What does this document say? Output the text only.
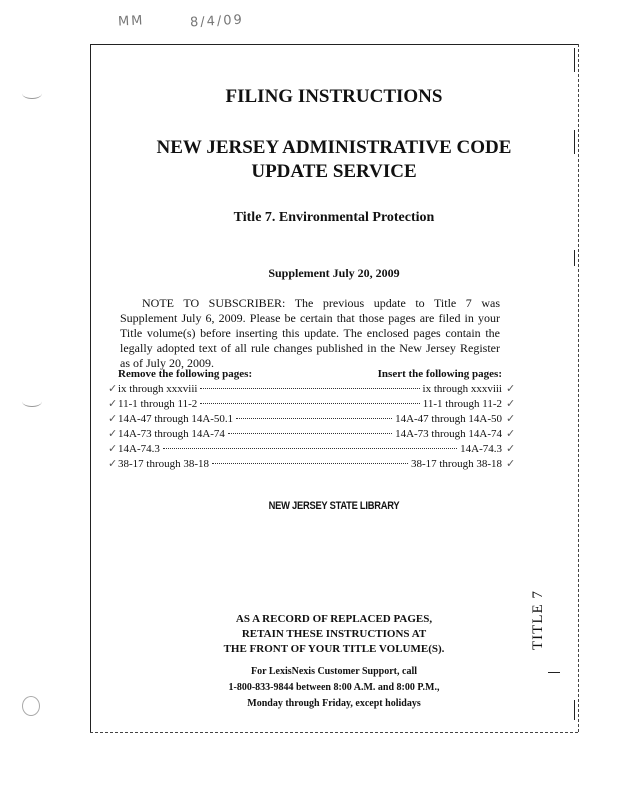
MM	8/4/09
FILING INSTRUCTIONS
NEW JERSEY ADMINISTRATIVE CODE
UPDATE SERVICE
Title 7. Environmental Protection
Supplement July 20, 2009
NOTE TO SUBSCRIBER: The previous update to Title 7 was Supplement July 6, 2009. Please be certain that those pages are filed in your Title volume(s) before inserting this update. The enclosed pages contain the legally adopted text of all rule changes published in the New Jersey Register as of July 20, 2009.
Remove the following pages:	Insert the following pages:
ix through xxxviii	ix through xxxviii
11-1 through 11-2	11-1 through 11-2
14A-47 through 14A-50.1	14A-47 through 14A-50
14A-73 through 14A-74	14A-73 through 14A-74
14A-74.3	14A-74.3
38-17 through 38-18	38-17 through 38-18
✓
✓
✓
✓
✓
✓
✓
✓
✓
✓
✓
✓
NEW JERSEY STATE LIBRARY
AS A RECORD OF REPLACED PAGES,
RETAIN THESE INSTRUCTIONS AT
THE FRONT OF YOUR TITLE VOLUME(S).
For LexisNexis Customer Support, call
1-800-833-9844 between 8:00 A.M. and 8:00 P.M.,
Monday through Friday, except holidays
TITLE 7
